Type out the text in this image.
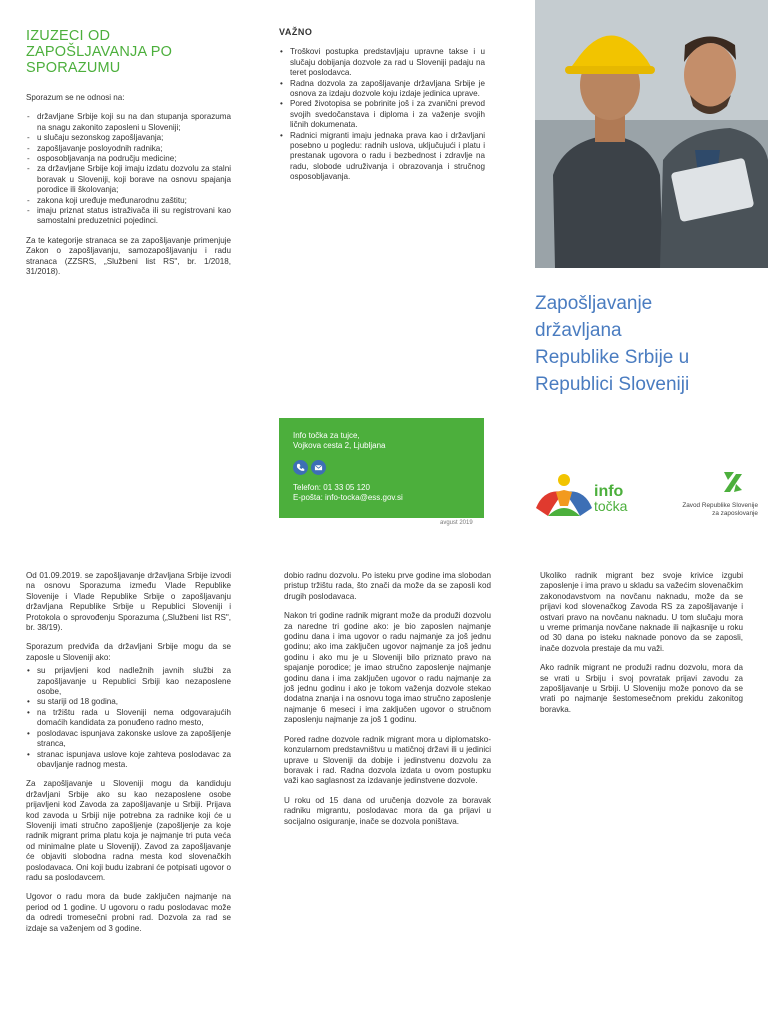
IZUZECI OD ZAPOŠLJAVANJA PO SPORAZUMU

Sporazum se ne odnosi na:

- državljane Srbije koji su na dan stupanja sporazuma na snagu zakonito zaposleni u Sloveniji;
- u slučaju sezonskog zapošljavanja;
- zapošljavanje posloyodnih radnika;
- osposobljavanja na području medicine;
- za državljane Srbije koji imaju izdatu dozvolu za stalni boravak u Sloveniji, koji borave na osnovu spajanja porodice ili školovanja;
- zakona koji uređuje međunarodnu zaštitu;
- imaju priznat status istraživača ili su registrovani kao samostalni preduzetnici pojedinci.

Za te kategorije stranaca se za zapošljavanje primenjuje Zakon o zapošljavanju, samozapošljavanju i radu stranaca (ZZSRS, „Službeni list RS", br. 1/2018, 31/2018).

VAŽNO
• Troškovi postupka predstavljaju upravne takse i u slučaju dobijanja dozvole za rad u Sloveniji padaju na teret poslodavca.
• Radna dozvola za zapošljavanje državljana Srbije je osnova za izdaju dozvole koju izdaje jedinica uprave.
• Pored životopisa se pobrinite još i za zvanični prevod svojih svedočanstava i diploma i za važenje svojih ličnih dokumenata.
• Radnici migranti imaju jednaka prava kao i državljani posebno u pogledu: radnih uslova, uključujući i platu i prestanak ugovora o radu i bezbednost i zdravlje na radu, slobode udruživanja i obrazovanja i stručnog osposobljavanja.
Zapošljavanje
državljana
Republike Srbije u
Republici Sloveniji
Info točka za tujce,
Vojkova cesta 2, Ljubljana
Telefon: 01 33 05 120
E-pošta: info-tocka@ess.gov.si
avgust 2019
info
točka	Zavod Republike Slovenije
za zaposlovanje

Od 01.09.2019. se zapošljavanje državljana Srbije izvodi na osnovu Sporazuma između Vlade Republike Slovenije i Vlade Republike Srbije o zapošljavanju državljana Republike Srbije u Republici Sloveniji i Protokola o sprovođenju Sporazuma („Službeni list RS", br. 38/19).

Sporazum predviđa da državljani Srbije mogu da se zaposle u Sloveniji ako:

• su prijavljeni kod nadležnih javnih službi za zapošljavanje u Republici Srbiji kao nezaposlene osobe,
• su stariji od 18 godina,
• na tržištu rada u Sloveniji nema odgovarajućih domaćih kandidata za ponuđeno radno mesto,
• poslodavac ispunjava zakonske uslove za zapošljenje stranca,
• stranac ispunjava uslove koje zahteva poslodavac za obavljanje radnog mesta.

Za zapošljavanje u Sloveniji mogu da kandiduju državljani Srbije ako su kao nezaposlene osobe prijavljeni kod Zavoda za zapošljavanje u Srbiji. Prijava kod zavoda u Srbiji nije potrebna za radnike koji će u Sloveniji imati stručno zapošljenje (zapošljenje za koje radnik migrant prima platu koja je najmanje tri puta veća od minimalne plate u Sloveniji). Zavod za zapošljavanje će objaviti slobodna radna mesta kod slovenačkih poslodavaca. Oni koji budu izabrani će potpisati ugovor o radu sa poslodavcem.

Ugovor o radu mora da bude zaključen najmanje na period od 1 godine. U ugovoru o radu poslodavac može da odredi tromesečni probni rad. Dozvola za rad se izdaje sa važenjem od 3 godine.

dobio radnu dozvolu. Po isteku prve godine ima slobodan pristup tržištu rada, što znači da može da se zaposli kod drugih poslodavaca.

Nakon tri godine radnik migrant može da produži dozvolu za naredne tri godine ako: je bio zaposlen najmanje godinu dana i ima ugovor o radu najmanje za još jednu godinu; ako ima zaključen ugovor najmanje za još jednu godinu i ako mu je u Sloveniji bilo priznato pravo na spajanje porodice; je imao stručno zaposlenje najmanje godinu dana i ima zaključen ugovor o radu najmanje za još jednu godinu i ako je tokom važenja dozvole stekao dodatna znanja i na osnovu toga imao stručno zaposlenje najmanje 6 meseci i ima zaključen ugovor o stručnom zaposlenju najmanje za još 1 godinu.

Pored radne dozvole radnik migrant mora u diplomatsko-konzularnom predstavništvu u matičnoj državi ili u jedinici uprave u Sloveniji da dobije i jedinstvenu dozvolu za boravak i rad. Radna dozvola izdata u ovom postupku važi kao saglasnost za izdavanje jedinstvene dozvole.

U roku od 15 dana od uručenja dozvole za boravak radniku migrantu, poslodavac mora da ga prijavi u socijalno osiguranje, inače se dozvola poništava.

Ukoliko radnik migrant bez svoje krivice izgubi zaposlenje i ima pravo u skladu sa važećim slovenačkim zakonodavstvom na novčanu naknadu, može da se prijavi kod slovenačkog Zavoda RS za zapošljavanje i ostvari pravo na novčanu naknadu. U tom slučaju mora u vreme primanja novčane naknade ili najkasnije u roku od 30 dana po isteku naknade ponovo da se zaposli, inače dozvola prestaje da mu važi.

Ako radnik migrant ne produži radnu dozvolu, mora da se vrati u Srbiju i svoj povratak prijavi zavodu za zapošljavanje u Srbiji. U Sloveniju može ponovo da se vrati po najmanje šestomesečnom prekidu zakonitog boravka.
